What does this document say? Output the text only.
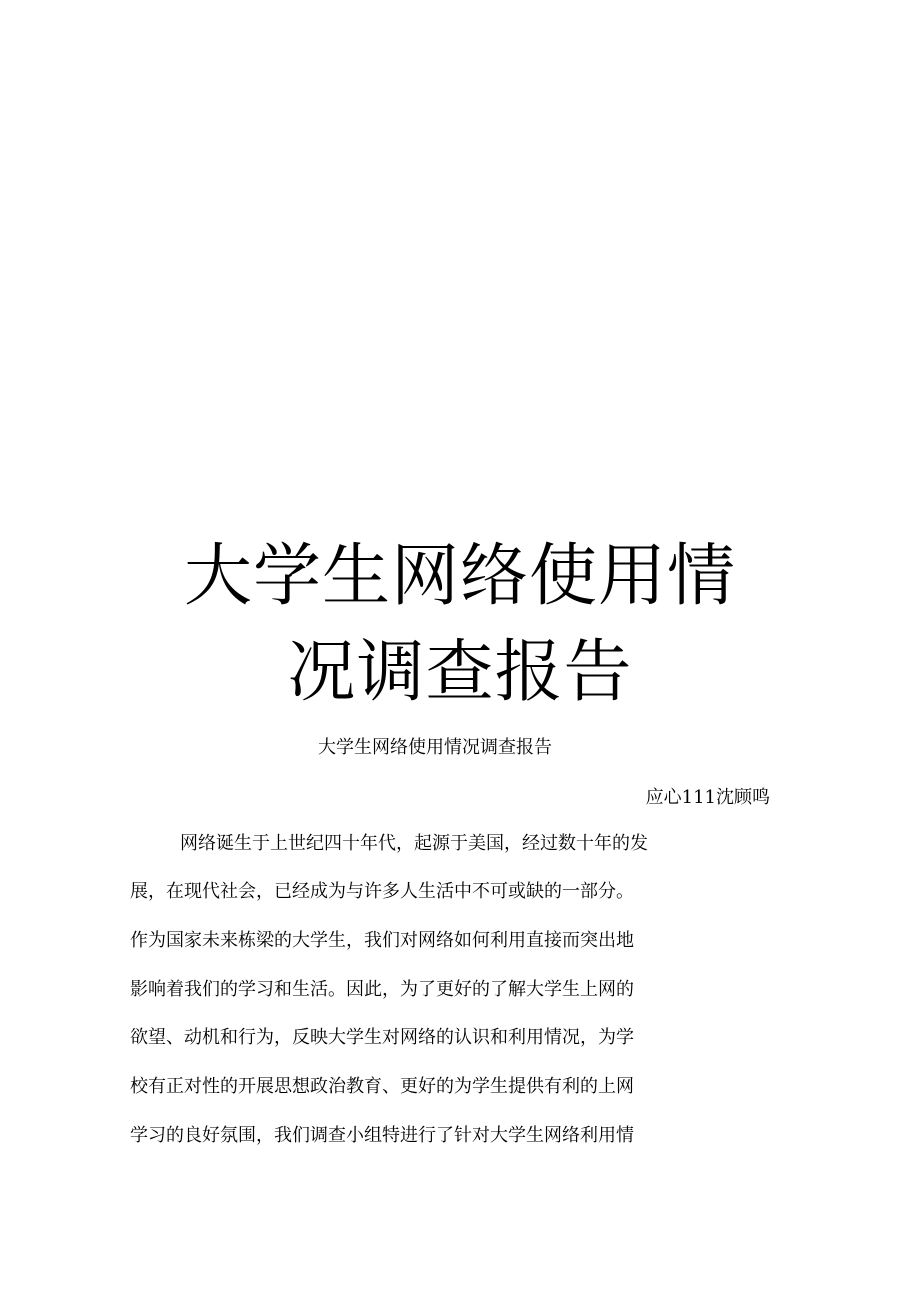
大学生网络使用情
况调查报告
大学生网络使用情况调查报告
应心111沈顾鸣
网络诞生于上世纪四十年代，起源于美国，经过数十年的发
展，在现代社会，已经成为与许多人生活中不可或缺的一部分。
作为国家未来栋梁的大学生，我们对网络如何利用直接而突出地
影响着我们的学习和生活。因此，为了更好的了解大学生上网的
欲望、动机和行为，反映大学生对网络的认识和利用情况，为学
校有正对性的开展思想政治教育、更好的为学生提供有利的上网
学习的良好氛围，我们调查小组特进行了针对大学生网络利用情
